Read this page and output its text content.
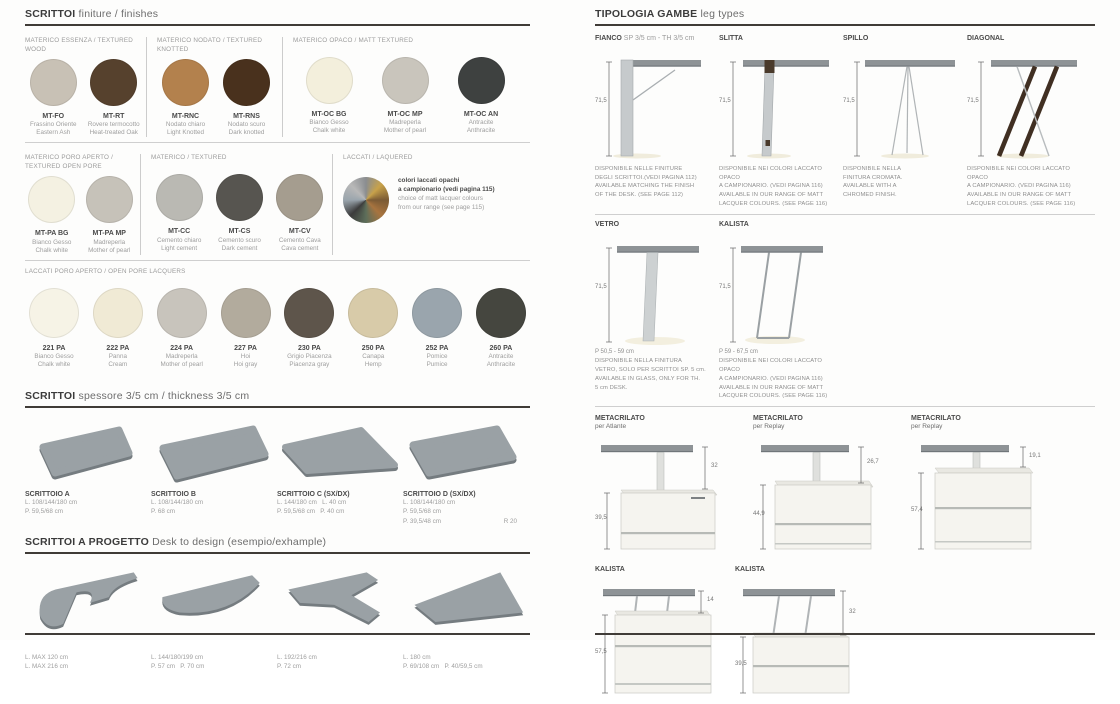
SCRITTOI finiture / finishes
MATERICO ESSENZA / TEXTURED WOOD
MT-FO
Frassino Oriente
Eastern Ash
MT-RT
Rovere termocotto
Heat-treated Oak
MATERICO NODATO / TEXTURED KNOTTED
MT-RNC
Nodato chiaro
Light Knotted
MT-RNS
Nodato scuro
Dark knotted
MATERICO OPACO / MATT TEXTURED
MT-OC BG
Bianco Gesso
Chalk white
MT-OC MP
Madreperla
Mother of pearl
MT-OC AN
Antracite
Anthracite
MATERICO PORO APERTO / TEXTURED OPEN PORE
MT-PA BG
Bianco Gesso
Chalk white
MT-PA MP
Madreperla
Mother of pearl
MATERICO / TEXTURED
MT-CC
Cemento chiaro
Light cement
MT-CS
Cemento scuro
Dark cement
MT-CV
Cemento Cava
Cava cement
LACCATI / LAQUERED
colori laccati opachi
a campionario (vedi pagina 115)
choice of matt lacquer colours
from our range (see page 115)
LACCATI PORO APERTO / OPEN PORE LACQUERS
221 PA
Bianco Gesso
Chalk white
222 PA
Panna
Cream
224 PA
Madreperla
Mother of pearl
227 PA
Hoi
Hoi gray
230 PA
Grigio Piacenza
Piacenza gray
250 PA
Canapa
Hemp
252 PA
Pomice
Pumice
260 PA
Antracite
Anthracite
SCRITTOI spessore 3/5 cm / thickness 3/5 cm
SCRITTOIO A
L. 108/144/180 cm
P. 59,5/68 cm
SCRITTOIO B
L. 108/144/180 cm
P. 68 cm
SCRITTOIO C (SX/DX)
L. 144/180 cm   L. 40 cm
P. 59,5/68 cm   P. 40 cm
SCRITTOIO D (SX/DX)
L. 108/144/180 cm
P. 59,5/68 cm
P. 39,5/48 cm	R 20
SCRITTOI A PROGETTO Desk to design (esempio/exhample)
L. MAX 120 cm
L. MAX 216 cm
L. 144/180/199 cm
P. 57 cm   P. 70 cm
L. 192/216 cm
P. 72 cm
L. 180 cm
P. 69/108 cm   P. 40/59,5 cm
TIPOLOGIA GAMBE leg types
FIANCO SP 3/5 cm - TH 3/5 cm
71,5
DISPONIBILE NELLE FINITURE
DEGLI SCRITTOI.(VEDI PAGINA 112)
AVAILABLE MATCHING THE FINISH
OF THE DESK. (SEE PAGE 112)
SLITTA
71,5
DISPONIBILE NEI COLORI LACCATO OPACO
A CAMPIONARIO. (VEDI PAGINA 116)
AVAILABLE IN OUR RANGE OF MATT
LACQUER COLOURS. (SEE PAGE 116)
SPILLO
71,5
DISPONIBILE NELLA
FINITURA CROMATA.
AVAILABLE WITH A
CHROMED FINISH.
DIAGONAL
71,5
DISPONIBILE NEI COLORI LACCATO OPACO
A CAMPIONARIO. (VEDI PAGINA 116)
AVAILABLE IN OUR RANGE OF MATT
LACQUER COLOURS. (SEE PAGE 116)
VETRO
71,5
P 50,5 - 59 cm
DISPONIBILE NELLA FINITURA
VETRO, SOLO PER SCRITTOI SP. 5 cm.
AVAILABLE IN GLASS, ONLY FOR TH.
5 cm DESK.
KALISTA
71,5
P 59 - 67,5 cm
DISPONIBILE NEI COLORI LACCATO OPACO
A CAMPIONARIO. (VEDI PAGINA 116)
AVAILABLE IN OUR RANGE OF MATT
LACQUER COLOURS. (SEE PAGE 116)
METACRILATO
per Atlante
32
39,5
METACRILATO
per Replay
26,7
44,9
METACRILATO
per Replay
19,1
57,4
KALISTA
14
57,5
KALISTA
32
39,5
